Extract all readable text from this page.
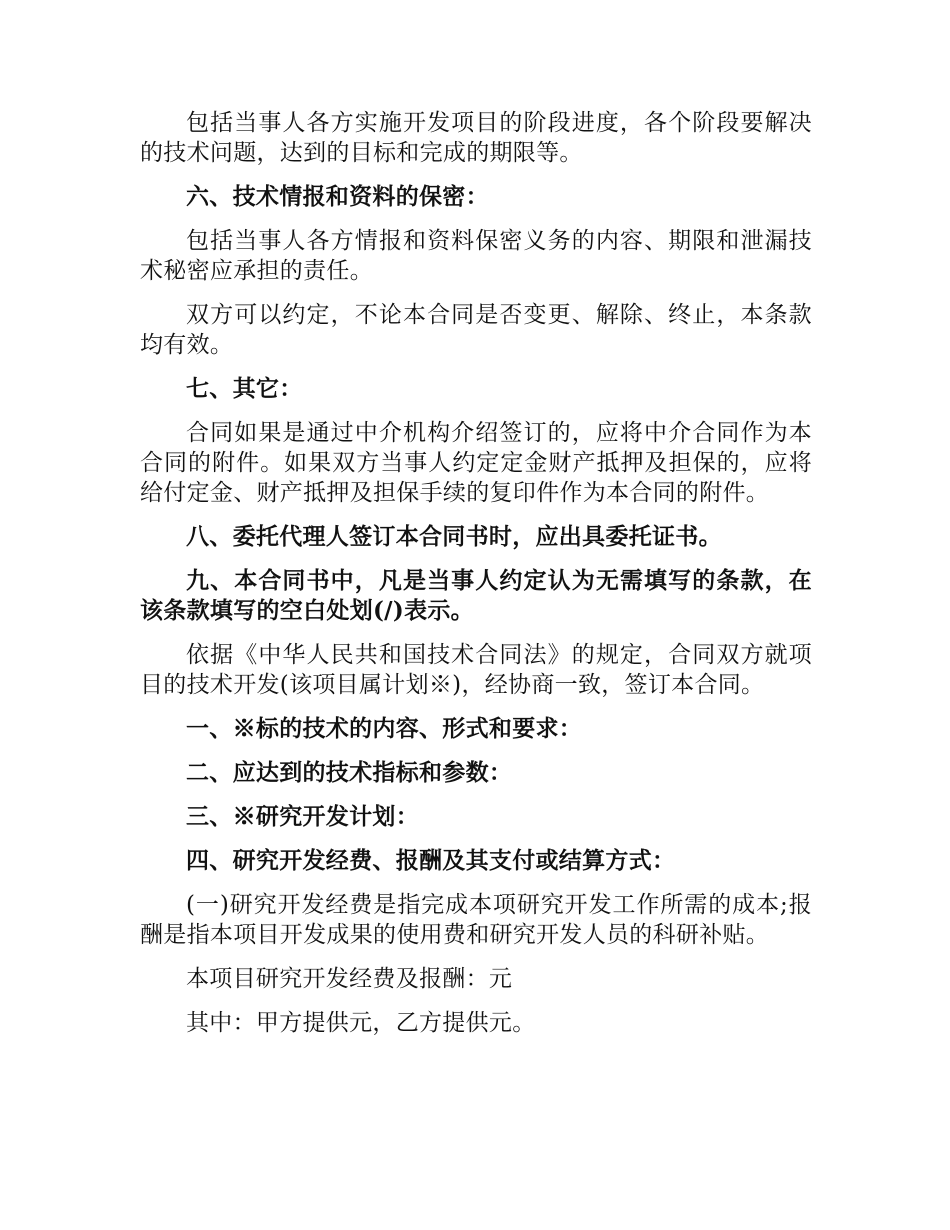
包括当事人各方实施开发项目的阶段进度，各个阶段要解决的技术问题，达到的目标和完成的期限等。

六、技术情报和资料的保密：

包括当事人各方情报和资料保密义务的内容、期限和泄漏技术秘密应承担的责任。

双方可以约定，不论本合同是否变更、解除、终止，本条款均有效。

七、其它：

合同如果是通过中介机构介绍签订的，应将中介合同作为本合同的附件。如果双方当事人约定定金财产抵押及担保的，应将给付定金、财产抵押及担保手续的复印件作为本合同的附件。

八、委托代理人签订本合同书时，应出具委托证书。

九、本合同书中，凡是当事人约定认为无需填写的条款，在该条款填写的空白处划(/)表示。

依据《中华人民共和国技术合同法》的规定，合同双方就项目的技术开发(该项目属计划※)，经协商一致，签订本合同。

一、※标的技术的内容、形式和要求：

二、应达到的技术指标和参数：

三、※研究开发计划：

四、研究开发经费、报酬及其支付或结算方式：

(一)研究开发经费是指完成本项研究开发工作所需的成本;报酬是指本项目开发成果的使用费和研究开发人员的科研补贴。

本项目研究开发经费及报酬：元

其中：甲方提供元，乙方提供元。
